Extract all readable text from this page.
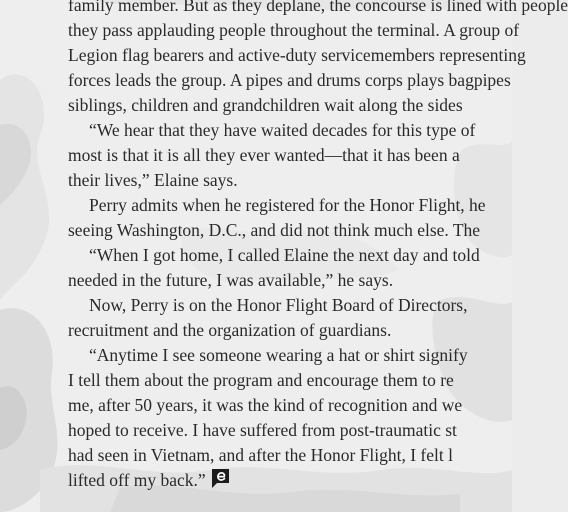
family member. But as they deplane, the concourse is lined with people
they pass applauding people throughout the terminal. A group of
Legion flag bearers and active-duty servicemembers representing
forces leads the group. A pipes and drums corps plays bagpipes
siblings, children and grandchildren wait along the sides
“We hear that they have waited decades for this type of
most is that it is all they ever wanted—that it has been a
their lives,” Elaine says.
Perry admits when he registered for the Honor Flight, he
seeing Washington, D.C., and did not think much else. The
“When I got home, I called Elaine the next day and told
needed in the future, I was available,” he says.
Now, Perry is on the Honor Flight Board of Directors,
recruitment and the organization of guardians.
“Anytime I see someone wearing a hat or shirt signify
I tell them about the program and encourage them to re
me, after 50 years, it was the kind of recognition and we
hoped to receive. I have suffered from post-traumatic st
had seen in Vietnam, and after the Honor Flight, I felt l
lifted off my back.”
